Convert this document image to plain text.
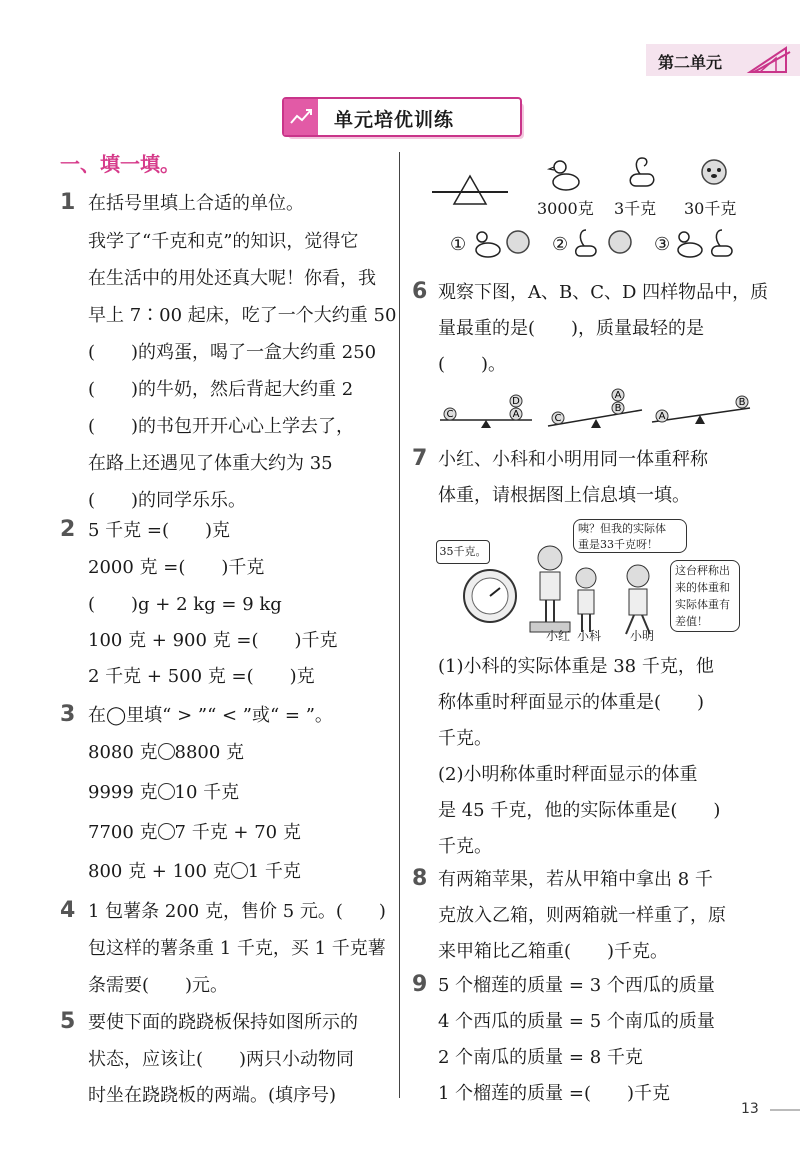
第二单元
单元培优训练
一、填一填。
1 在括号里填上合适的单位。
我学了“千克和克”的知识，觉得它
在生活中的用处还真大呢！你看，我
早上 7∶00 起床，吃了一个大约重 50
(　　)的鸡蛋，喝了一盒大约重 250
(　　)的牛奶，然后背起大约重 2
(　　)的书包开开心心上学去了，
在路上还遇见了体重大约为 35
(　　)的同学乐乐。
2 5 千克 =(　　)克
2000 克 =(　　)千克
(　　)g + 2 kg = 9 kg
100 克 + 900 克 =(　　)千克
2 千克 + 500 克 =(　　)克
3 在◯里填“ > ”“ < ”或“ = ”。
8080 克 8800 克
9999 克 10 千克
7700 克 7 千克 + 70 克
800 克 + 100 克 1 千克
4 1 包薯条 200 克，售价 5 元。(　　)
包这样的薯条重 1 千克，买 1 千克薯
条需要(　　)元。
5 要使下面的跷跷板保持如图所示的
状态，应该让(　　)两只小动物同
时坐在跷跷板的两端。(填序号)
3000克 3千克 30千克
①	②	③
6 观察下图，A、B、C、D 四样物品中，质
量最重的是(　　)，质量最轻的是
(　　)。
C	A
D
C
B
A
A
B
7 小红、小科和小明用同一体重秤称
体重，请根据图上信息填一填。
35千克。
咦？但我的实际体
重是33千克呀！
这台秤称出
来的体重和
实际体重有
差值！
小红 小科 小明
(1)小科的实际体重是 38 千克，他
称体重时秤面显示的体重是(　　)
千克。
(2)小明称体重时秤面显示的体重
是 45 千克，他的实际体重是(　　)
千克。
8 有两箱苹果，若从甲箱中拿出 8 千
克放入乙箱，则两箱就一样重了，原
来甲箱比乙箱重(　　)千克。
9 5 个榴莲的质量 = 3 个西瓜的质量
4 个西瓜的质量 = 5 个南瓜的质量
2 个南瓜的质量 = 8 千克
1 个榴莲的质量 =(　　)千克
13
